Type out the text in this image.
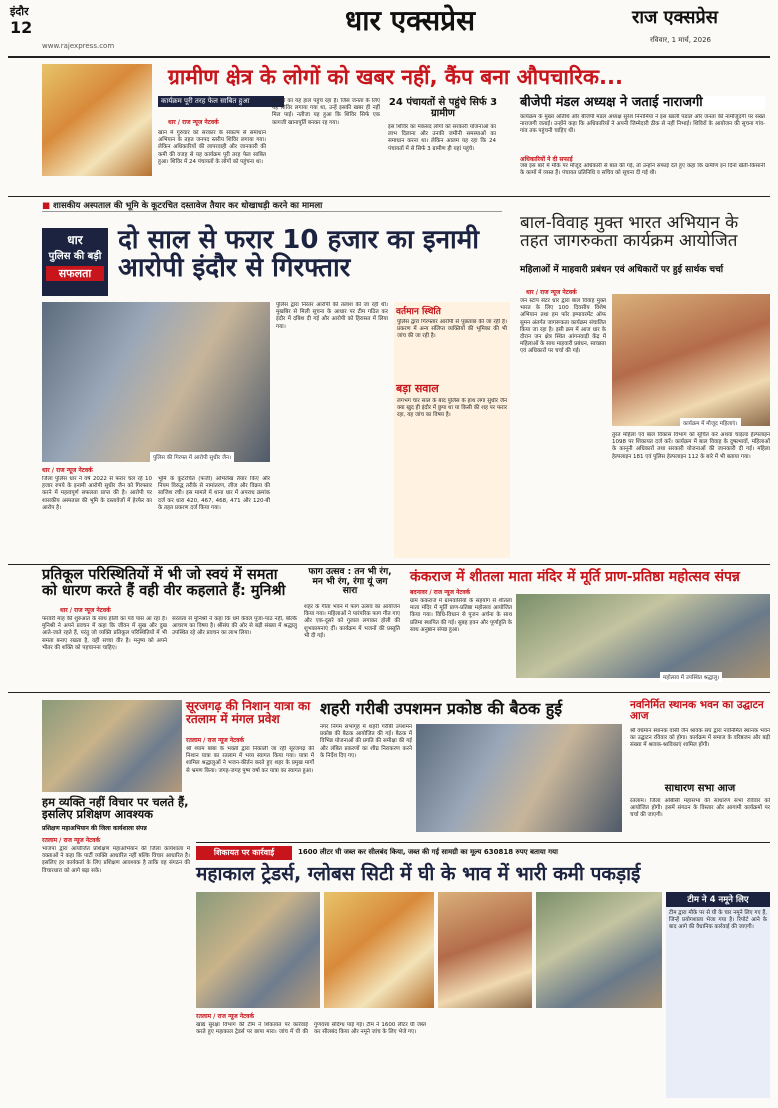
इंदौर
12
www.rajexpress.com
धार एक्सप्रेस	राज एक्सप्रेस
रविवार, 1 मार्च, 2026
ग्रामीण क्षेत्र के लोगों को खबर नहीं, कैंप बना औपचारिक...
कार्यक्रम पूरी तरह फेल साबित हुआ
धार / राज न्यूज नेटवर्क
खान में गुरुवार को सरकार के संकल्प से समाधान अभियान के तहत जनपद स्तरीय शिविर लगाया गया। लेकिन अधिकारियों की लापरवाही और जानकारी की कमी की वजह से यह कार्यक्रम पूरी तरह फेल साबित हुआ। शिविर में 24 पंचायतों के लोगों को पहुंचना था।
शिविरों का यह हाल पहुंच रहा है। जिस जनता के लिए यह शिविर लगाया गया था, उन्हें इसकी खबर ही नहीं मिल पाई। नतीजा यह हुआ कि शिविर सिर्फ एक कागजी खानापूर्ति बनकर रह गया।
24 पंचायतों से पहुंचे सिर्फ 3 ग्रामीण
इस शिविर का मकसद लोगों को सरकारी योजनाओं का लाभ दिलाना और उनकी जमीनी समस्याओं का समाधान करना था। लेकिन आलम यह रहा कि 24 पंचायतों में से सिर्फ 3 ग्रामीण ही यहां पहुंचे।
बीजेपी मंडल अध्यक्ष ने जताई नाराजगी
कार्यक्रम के मुख्य अतिथि और बीजेपी मंडल अध्यक्ष सुरेश निनामिया ने इस खाली पंडाल और जनता की नामौजूदगी पर सख्त नाराजगी जताई। उन्होंने कहा कि अधिकारियों ने अपनी जिम्मेदारी ठीक से नहीं निभाई। शिविरों के आयोजन की सूचना गांव-गांव तक पहुंचनी चाहिए थी।
अधिकारियों ने दी सफाई
जब इस बारे में मौके पर मौजूद अधिकारी से बात की गई, तो उन्होंने सफाई देते हुए कहा कि ग्रामीण इन दिनों खेती-किसानी के कामों में व्यस्त हैं। पंचायत प्रतिनिधि व सचिव को सूचना दी गई थी।
■ शासकीय अस्पताल की भूमि के कूटरचित दस्तावेज तैयार कर धोखाधड़ी करने का मामला
धार
पुलिस की बड़ी
सफलता
दो साल से फरार 10 हजार का इनामी आरोपी इंदौर से गिरफ्तार
पुलिस की गिरफ्त में आरोपी सुधीर जैन।
धार / राज न्यूज नेटवर्क
जिला पुलिस धार ने वर्ष 2022 से फरार चल रहे 10 हजार रुपये के इनामी आरोपी सुधीर जैन को गिरफ्तार करने में महत्वपूर्ण सफलता प्राप्त की है। आरोपी पर शासकीय अस्पताल की भूमि के दस्तावेजों में हेरफेर का आरोप है।
भूमि के कूटरचित (फर्जी) अभिलेख तैयार किए और नियम विरुद्ध तरीके से नामांतरण, लीज और विक्रय की साजिश रची। इस मामले में थाना धार में अपराध क्रमांक दर्ज कर धारा 420, 467, 468, 471 और 120-बी के तहत प्रकरण दर्ज किया गया।
पुलिस द्वारा निरंतर आरोपी की तलाश की जा रही थी। मुखबिर से मिली सूचना के आधार पर टीम गठित कर इंदौर में दबिश दी गई और आरोपी को हिरासत में लिया गया।
वर्तमान स्थिति
पुलिस द्वारा गिरफ्तार आरोपी से पूछताछ की जा रही है। प्रकरण में अन्य संलिप्त व्यक्तियों की भूमिका की भी जांच की जा रही है।
बड़ा सवाल
लगभग चार साल के बाद पुलिस के हाथ लगा सुधीर जैन क्या खुद ही इंदौर में छुपा था या किसी की शह पर फरार रहा, यह जांच का विषय है।
बाल-विवाह मुक्त भारत अभियान के तहत जागरुकता कार्यक्रम आयोजित
महिलाओं में माहवारी प्रबंधन एवं अधिकारों पर हुई सार्थक चर्चा
धार / राज न्यूज नेटवर्क
जन स्टॉप सेंटर धार द्वारा बाल विवाह मुक्त भारत के लिए 100 दिवसीय विशेष अभियान तथा हम फॉर इम्पावरमेंट ऑफ सुमन अंतर्गत जागरूकता कार्यक्रम संचालित किया जा रहा है। इसी क्रम में आज धार के दौरान जन क्षेत्र स्थित आंगनवाड़ी केंद्र में महिलाओं के साथ माहवारी प्रबंधन, स्वच्छता एवं अधिकारों पर चर्चा की गई।
कार्यक्रम में मौजूद महिलाएं।
तुरंत महिला एवं बाल विकास विभाग को सूचित करें अथवा चाइल्ड हेल्पलाइन 1098 पर शिकायत दर्ज करें। कार्यक्रम में बाल विवाह के दुष्प्रभावों, महिलाओं के कानूनी अधिकारों तथा सरकारी योजनाओं की जानकारी दी गई। महिला हेल्पलाइन 181 एवं पुलिस हेल्पलाइन 112 के बारे में भी बताया गया।
प्रतिकूल परिस्थितियों में भी जो स्वयं में समता को धारण करते हैं वही वीर कहलाते हैं: मुनिश्री
धार / राज न्यूज नेटवर्क
फरवरी माह की शुरुआत के साथ होली का पर्व पास आ रहा है। मुनिश्री ने अपने प्रवचन में कहा कि जीवन में सुख और दुख आते-जाते रहते हैं, परंतु जो व्यक्ति प्रतिकूल परिस्थितियों में भी समता बनाए रखता है, वही सच्चा वीर है। मनुष्य को अपने भीतर की शक्ति को पहचानना चाहिए।
सरलता से मुनिश्री ने कहा कि धर्म केवल पूजा-पाठ नहीं, बल्कि आचरण का विषय है। श्रीसंघ की ओर से बड़ी संख्या में श्रद्धालु उपस्थित रहे और प्रवचन का लाभ लिया।
फाग उत्सव : तन भी रंग, मन भी रंग, रंगा यूं जग सारा
शहर के गीता भवन में फाग उत्सव का आयोजन किया गया। महिलाओं ने पारंपरिक फाग गीत गाए और एक-दूसरे को गुलाल लगाकर होली की शुभकामनाएं दीं। कार्यक्रम में भजनों की प्रस्तुति भी दी गई।
कंकराज में शीतला माता मंदिर में मूर्ति प्राण-प्रतिष्ठा महोत्सव संपन्न
बदनावर / राज न्यूज नेटवर्क
ग्राम कंकराज में ग्रामवासियों के सहयोग से शीतला माता मंदिर में मूर्ति प्राण-प्रतिष्ठा महोत्सव आयोजित किया गया। विधि-विधान से पूजन अर्चना के साथ प्रतिमा स्थापित की गई। सुबह हवन और पूर्णाहुति के साथ अनुष्ठान संपन्न हुआ।
महोत्सव में उपस्थित श्रद्धालु।
सूरजगढ़ की निशान यात्रा का रतलाम में मंगल प्रवेश
रतलाम / राज न्यूज नेटवर्क
श्री श्याम बाबा के भक्तों द्वारा निकाली जा रही सूरजगढ़ की निशान यात्रा का रतलाम में भव्य स्वागत किया गया। यात्रा में शामिल श्रद्धालुओं ने भजन-कीर्तन करते हुए शहर के प्रमुख मार्गों से भ्रमण किया। जगह-जगह पुष्प वर्षा कर यात्रा का स्वागत हुआ।
शहरी गरीबी उपशमन प्रकोष्ठ की बैठक हुई
नगर निगम सभागृह में शहरी गरीबी उपशमन प्रकोष्ठ की बैठक आयोजित की गई। बैठक में विभिन्न योजनाओं की प्रगति की समीक्षा की गई और लंबित प्रकरणों का शीघ्र निराकरण करने के निर्देश दिए गए।
नवनिर्मित स्थानक भवन का उद्घाटन आज
श्री वर्धमान स्थानक वासी जैन श्रावक संघ द्वारा नवनिर्मित स्थानक भवन का उद्घाटन रविवार को होगा। कार्यक्रम में समाज के वरिष्ठजन और बड़ी संख्या में श्रावक-श्राविकाएं शामिल होंगी।
साधारण सभा आज
रतलाम। जिला ओबीसी महासभा की साधारण सभा रविवार को आयोजित होगी। इसमें संगठन के विस्तार और आगामी कार्यक्रमों पर चर्चा की जाएगी।
हम व्यक्ति नहीं विचार पर चलते हैं, इसलिए प्रशिक्षण आवश्यक
प्रशिक्षण महाअभियान की जिला कार्यशाला संपन्न
रतलाम / राज न्यूज नेटवर्क
भाजपा द्वारा आयोजित प्रशिक्षण महाअभियान की जिला कार्यशाला में वक्ताओं ने कहा कि पार्टी व्यक्ति आधारित नहीं बल्कि विचार आधारित है। इसलिए हर कार्यकर्ता के लिए प्रशिक्षण आवश्यक है ताकि वह संगठन की विचारधारा को आगे बढ़ा सके।
शिकायत पर कार्रवाई	1600 लीटर घी जब्त कर सीलबंद किया, जब्त की गई सामग्री का मूल्य 630818 रुपए बताया गया
महाकाल ट्रेडर्स, ग्लोबस सिटी में घी के भाव में भारी कमी पकड़ाई
रतलाम / राज न्यूज नेटवर्क
खाद्य सुरक्षा विभाग की टीम ने शिकायत पर कार्रवाई करते हुए महाकाल ट्रेडर्स पर छापा मारा। जांच में घी की गुणवत्ता संदिग्ध पाई गई। टीम ने 1600 लीटर घी जब्त कर सीलबंद किया और नमूने जांच के लिए भेजे गए।
टीम ने 4 नमूने लिए
टीम द्वारा मौके पर से घी के चार नमूने लिए गए हैं, जिन्हें प्रयोगशाला भेजा गया है। रिपोर्ट आने के बाद आगे की वैधानिक कार्रवाई की जाएगी।
